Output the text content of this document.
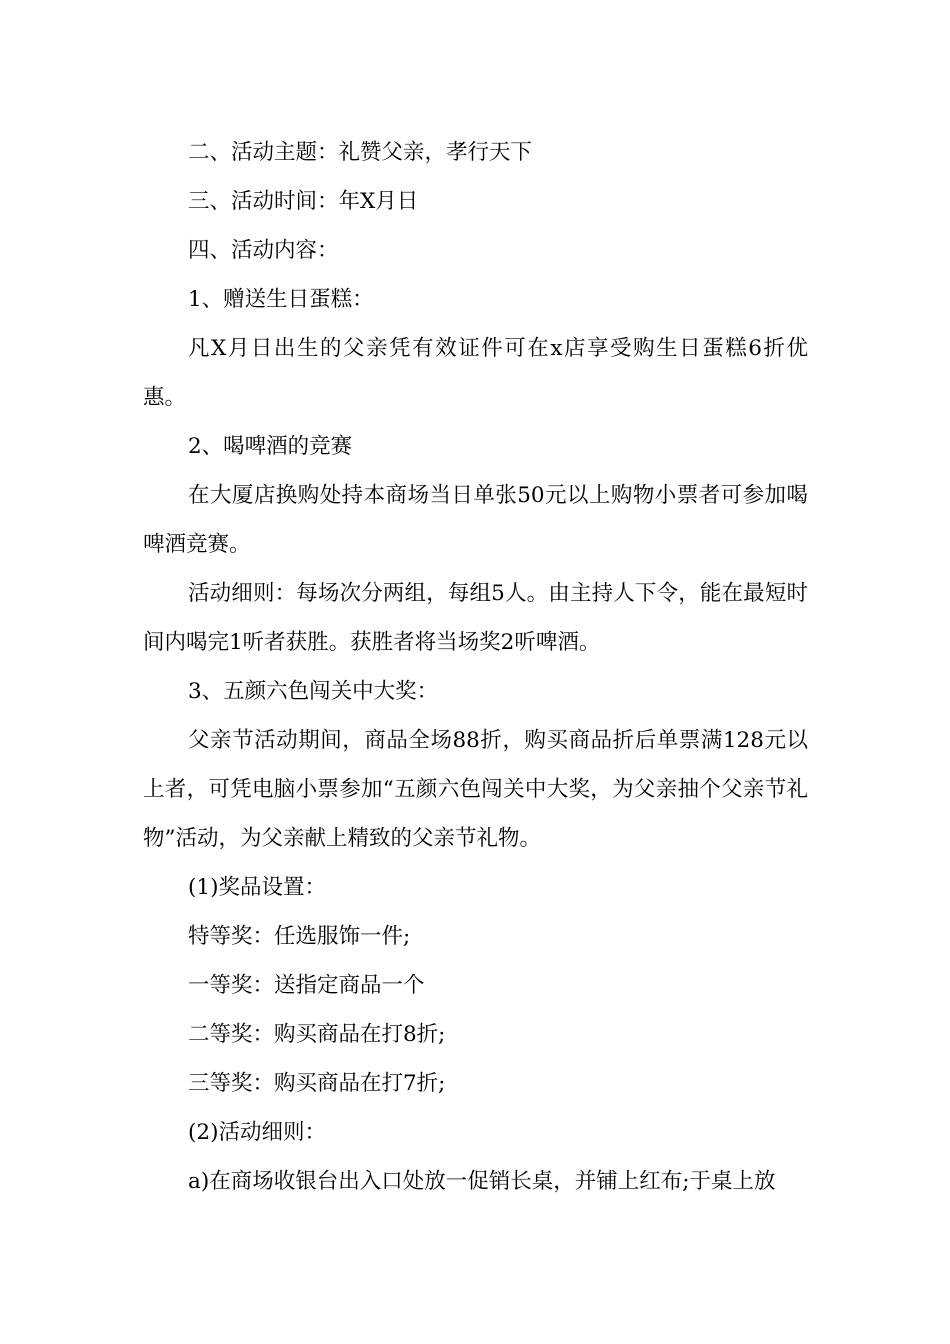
二、活动主题：礼赞父亲，孝行天下

三、活动时间：年X月日

四、活动内容：

1、赠送生日蛋糕：

凡X月日出生的父亲凭有效证件可在x店享受购生日蛋糕6折优惠。

2、喝啤酒的竞赛

在大厦店换购处持本商场当日单张50元以上购物小票者可参加喝啤酒竞赛。

活动细则：每场次分两组，每组5人。由主持人下令，能在最短时间内喝完1听者获胜。获胜者将当场奖2听啤酒。

3、五颜六色闯关中大奖：

父亲节活动期间，商品全场88折，购买商品折后单票满128元以上者，可凭电脑小票参加“五颜六色闯关中大奖，为父亲抽个父亲节礼物”活动，为父亲献上精致的父亲节礼物。

(1)奖品设置：

特等奖：任选服饰一件;

一等奖：送指定商品一个

二等奖：购买商品在打8折;

三等奖：购买商品在打7折;

(2)活动细则：

a)在商场收银台出入口处放一促销长桌，并铺上红布;于桌上放
